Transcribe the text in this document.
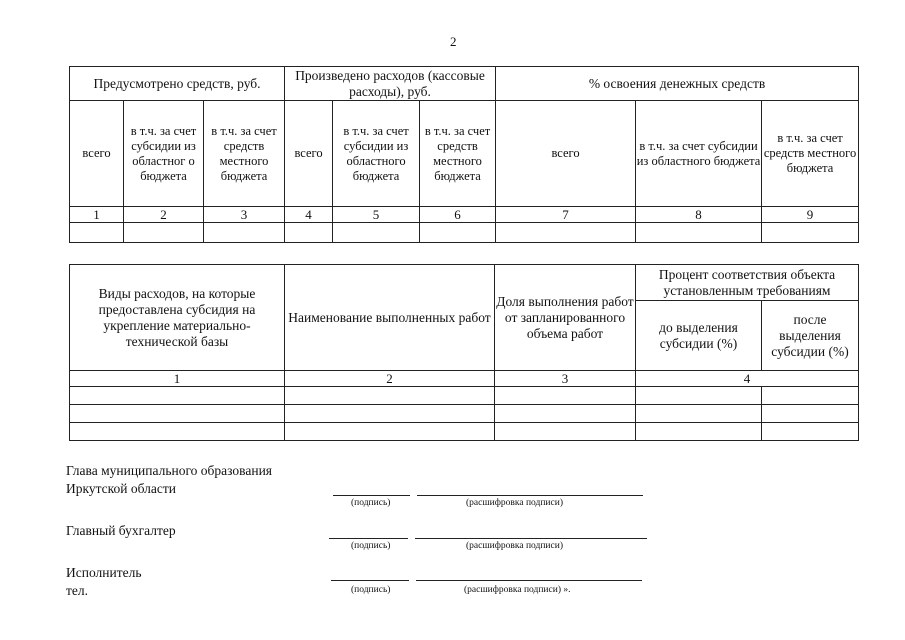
2
Предусмотрено средств, руб.			Произведено расходов (кассовые расходы), руб.			% освоения денежных средств		
всего	в т.ч. за счет субсидии из областног о бюджета	в т.ч. за счет средств местного бюджета	всего	в т.ч. за счет субсидии из областного бюджета	в т.ч. за счет средств местного бюджета	всего	в т.ч. за счет субсидии из областного бюджета	в т.ч. за счет средств местного бюджета
1	2	3	4	5	6	7	8	9

Виды расходов, на которые предоставлена субсидия на укрепление материально-технической базы	Наименование выполненных работ	Доля выполнения работ от запланированного объема работ	Процент соответствия объекта установленным требованиям	
			до выделения субсидии (%)	после выделения субсидии (%)
1	2	3	4	

Глава муниципального образования
Иркутской области
(подпись)	(расшифровка подписи)
Главный бухгалтер
(подпись)	(расшифровка подписи)
Исполнитель
тел.	(подпись)	(расшифровка подписи) ».
